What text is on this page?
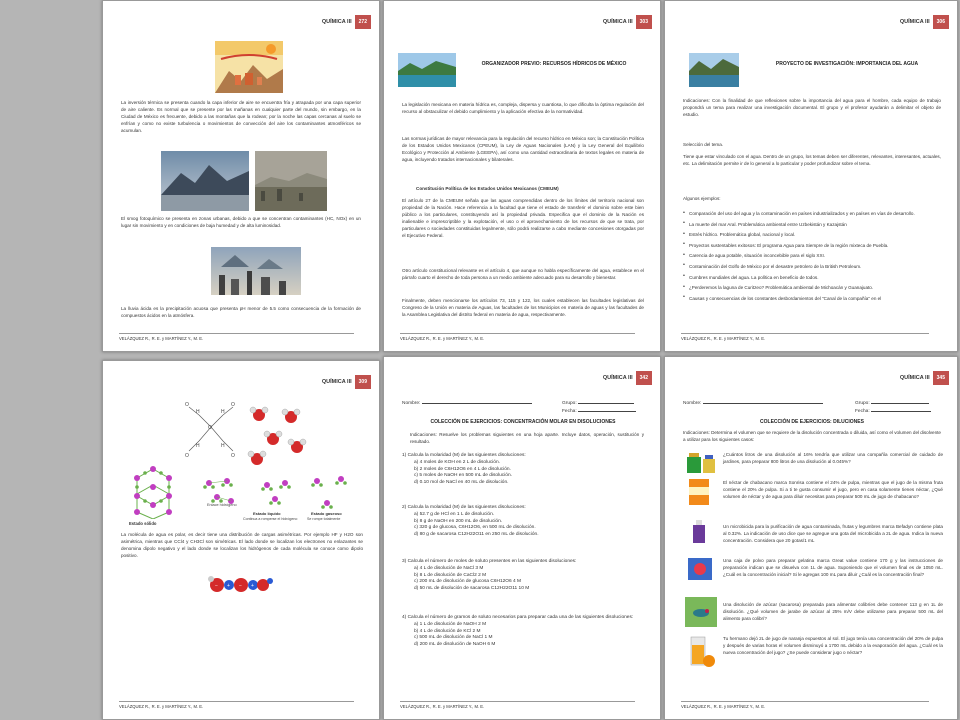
QUÍMICA III	272
La inversión térmica se presenta cuando la capa inferior de aire se encuentra fría y atrapada por una capa superior de aire caliente. Es normal que se presente por las mañanas en cualquier parte del mundo, sin embargo, en la Ciudad de México es frecuente, debido a las montañas que la rodean; por la noche las capas cercanas al suelo se enfrían y como no existe turbulencia o movimientos de convección del aire los contaminantes atmosféricos se acumulan.
El smog fotoquímico se presenta en zonas urbanas, debido a que se concentran contaminantes (HC, NOx) en un lugar sin movimiento y en condiciones de baja humedad y de alta luminosidad.
La lluvia ácida es la precipitación acuosa que presenta pH menor de 5.5 como consecuencia de la formación de compuestos ácidos en la atmósfera.
VELÁZQUEZ R., R. E. y MARTÍNEZ Y., M. E.
QUÍMICA III	303
ORGANIZADOR PREVIO: RECURSOS HÍDRICOS DE MÉXICO
La legislación mexicana en materia hídrica es, compleja, dispersa y cuantiosa, lo que dificulta la óptima regulación del recurso al obstaculizar el debido cumplimiento y la aplicación efectiva de la normatividad.
Las normas jurídicas de mayor relevancia para la regulación del recurso hídrico en México son; la Constitución Política de los Estados Unidos Mexicanos (CPEUM), la Ley de Aguas Nacionales (LAN) y la Ley General del Equilibrio Ecológico y Protección al Ambiente (LGEEPA), así como una cantidad extraordinaria de textos legales en materia de agua, incluyendo tratados internacionales y bilaterales.
Constitución Política de los Estados Unidos Mexicanos (CMEUM)
El artículo 27 de la CMEUM señala que las aguas comprendidas dentro de los límites del territorio nacional son propiedad de la Nación. Hace referencia a la facultad que tiene el estado de transferir el dominio sobre este bien público a los particulares, constituyendo así la propiedad privada. Especifica que el dominio de la Nación es inalienable e imprescriptible y la explotación, el uso o el aprovechamiento de los recursos de que se trata, por particulares o sociedades constituidas legalmente, sólo podrá realizarse a cabo mediante concesiones otorgadas por el Ejecutivo Federal.
Otro artículo constitucional relevante es el artículo 4, que aunque no habla específicamente del agua, establece en el párrafo cuarto el derecho de toda persona a un medio ambiente adecuado para su desarrollo y bienestar.
Finalmente, deben mencionarse los artículos 73, 115 y 122, los cuales establecen las facultades legislativas del Congreso de la Unión en materia de Aguas, las facultades de los Municipios en materia de aguas y las facultades de la Asamblea Legislativa del distrito federal en materia de agua, respectivamente.
VELÁZQUEZ R., R. E. y MARTÍNEZ Y., M. E.
QUÍMICA III	306
PROYECTO DE INVESTIGACIÓN: IMPORTANCIA DEL AGUA
Indicaciones: Con la finalidad de que reflexiones sobre la importancia del agua para el hombre, cada equipo de trabajo propondrá un tema para realizar una investigación documental. El grupo y el profesor ayudarán a delimitar el objeto de estudio.
Selección del tema.
Tiene que estar vinculado con el agua. Dentro de un grupo, los temas deben ser diferentes, relevantes, interesantes, actuales, etc. La delimitación permite ir de lo general a lo particular y poder profundizar sobre el tema.
Algunos ejemplos:
• Comparación del uso del agua y la contaminación en países industrializados y en países en vías de desarrollo.
• La muerte del mar Aral. Problemática ambiental entre Uzbekistán y Kazajstán
• Estrés hídrico. Problemática global, nacional y local.
• Proyectos sustentables exitosos: El programa Agua para Siempre de la región mixteca de Puebla.
• Carencia de agua potable, situación inconcebible para el siglo XXI.
• Contaminación del Golfo de México por el desastre petrolero de la British Petroleum.
• Cumbres mundiales del agua. La política en beneficio de todos.
• ¿Perderemos la laguna de Curitzeo? Problemática ambiental de Michoacán y Guanajuato.
• Causas y consecuencias de los constantes desbordamientos del "Canal de la compañía" en el
VELÁZQUEZ R., R. E. y MARTÍNEZ Y., M. E.
QUÍMICA III	309
O
H	H
H	H
O	O
O	O
Enlace hidrógeno
Estado sólido
Estado líquido
Continua a romperse el hidrógeno
Estado gaseoso
Se rompe totalmente
La molécula de agua es polar, es decir tiene una distribución de cargas asimétricas. Por ejemplo HF y H2O son asimétrica, mientras que CCl4 y CH3Cl son simétricas. El lado donde se localizan los electrones no enlazantes se denomina dipolo negativo y el lado donde se localizan los hidrógenos de cada molécula se conoce como dipolo positivo.
− + − +
VELÁZQUEZ R., R. E. y MARTÍNEZ Y., M. E.
QUÍMICA III	342
Nombre:	Grupo:
Fecha:
COLECCIÓN DE EJERCICIOS: CONCENTRACIÓN MOLAR EN DISOLUCIONES
Indicaciones: Resuelve los problemas siguientes en una hoja aparte. Incluye datos, operación, sustitución y resultado.
1) Calcula la molaridad (M) de las siguientes disoluciones:
a) 4 moles de KOH en 2 L de disolución.
b) 2 moles de C6H12O6 en 4 L de disolución.
c) 5 moles de NaOH en 500 mL de disolución.
d) 0.10 mol de NaCl en 40 mL de disolución.
2) Calcula la molaridad (M) de las siguientes disoluciones:
a) 52.7 g de HCl en 1 L de disolución.
b) 8 g de NaOH en 200 mL de disolución.
c) 320 g de glucosa, C6H12O6, en 500 mL de disolución.
d) 80 g de sacarosa C12H22O11 en 250 mL de disolución.
3) Calcula el número de moles de soluto presentes en las siguientes disoluciones:
a) 4 L de disolución de NaCl 3 M
b) 8 L de disolución de CaCl2 2 M
c) 200 mL de disolución de glucosa C6H12O6 4 M
d) 50 mL de disolución de sacarosa C12H22O11 10 M
4) Calcula el número de gramos de soluto necesarios para preparar cada una de las siguientes disoluciones:
a) 1 L de disolución de NaOH 2 M
b) 4 L de disolución de KCl 2 M
c) 500 mL de disolución de NaCl 1 M
d) 200 mL de disolución de NaOH 6 M
VELÁZQUEZ R., R. E. y MARTÍNEZ Y., M. E.
QUÍMICA III	345
Nombre:	Grupo:
Fecha:
COLECCIÓN DE EJERCICIOS: DILUCIONES
Indicaciones: Determina el volumen que se requiere de la disolución concentrada o diluida, así como el volumen del disolvente a utilizar para los siguientes casos:
¿Cuántos litros de una disolución al 16% tendría que utilizar una compañía comercial de cuidado de jardines, para preparar 800 litros de una disolución al 0.045%?
El néctar de chabacano marca Sonrisa contiene el 24% de pulpa, mientras que el jugo de la misma fruta contiene el 20% de pulpa. Si a ti te gusta consumir el jugo, pero en casa solamente tienes néctar, ¿Qué volumen de néctar y de agua para diluir necesitas para preparar 500 mL de jugo de chabacano?
Un microbicida para la purificación de agua contaminada, frutas y legumbres marca Befadyn contiene plata al 0.32%. La indicación de uso dice que se agregue una gota del microbicida a 2L de agua. Indica la nueva concentración. Considera que 20 gotas/1 mL
Una caja de polvo para preparar gelatina marca Great value contiene 170 g y las instrucciones de preparación indican que se disuelva con 1L de agua. Suponiendo que el volumen final es de 1050 mL. ¿Cuál es la concentración inicial? Si le agregas 100 mL para diluir ¿Cuál es la concentración final?
Una disolución de azúcar (sacarosa) preparada para alimentar colibríes debe contener 113 g en 1L de disolución. ¿Qué volumen de jarabe de azúcar al 25% m/V debe utilizarse para preparar 500 mL del alimento para colibrí?
Tu hermano dejó 2L de jugo de naranja expuestos al sol. El jugo tenía una concentración del 20% de pulpa y después de varias horas el volumen disminuyó a 1700 mL debido a la evaporación del agua. ¿Cuál es la nueva concentración del jugo? ¿Se puede considerar jugo o néctar?
VELÁZQUEZ R., R. E. y MARTÍNEZ Y., M. E.
